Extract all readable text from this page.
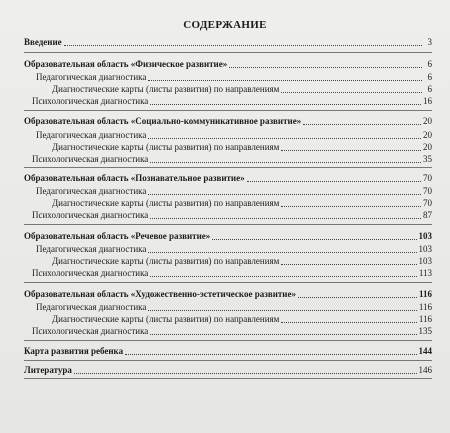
СОДЕРЖАНИЕ
Введение	3
Образовательная область «Физическое развитие»	6
Педагогическая диагностика	6
Диагностические карты (листы развития) по направлениям	6
Психологическая диагностика	16
Образовательная область «Социально-коммуникативное развитие»	20
Педагогическая диагностика	20
Диагностические карты (листы развития) по направлениям	20
Психологическая диагностика	35
Образовательная область «Познавательное развитие»	70
Педагогическая диагностика	70
Диагностические карты (листы развития) по направлениям	70
Психологическая диагностика	87
Образовательная область «Речевое развитие»	103
Педагогическая диагностика	103
Диагностические карты (листы развития) по направлениям	103
Психологическая диагностика	113
Образовательная область «Художественно-эстетическое развитие»	116
Педагогическая диагностика	116
Диагностические карты (листы развития) по направлениям	116
Психологическая диагностика	135
Карта развития ребенка	144
Литература	146
